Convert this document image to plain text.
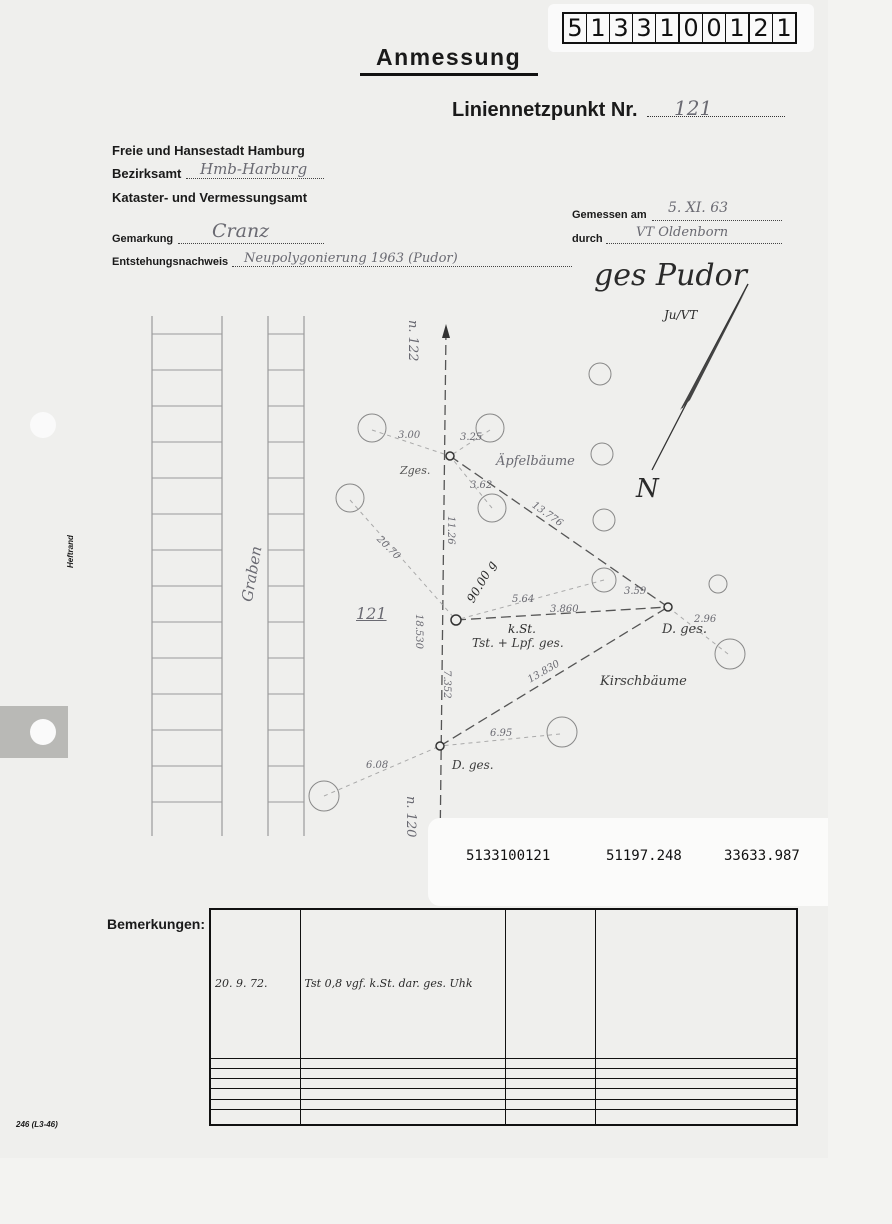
5 1 3 3 1 0 0 1 2 1
Anmessung
Liniennetzpunkt Nr. 121
Freie und Hansestadt Hamburg
Bezirksamt Hmb-Harburg
Kataster- und Vermessungsamt
Gemessen am 5. XI. 63
durch	VT Oldenborn
Gemarkung Cranz
Entstehungsnachweis Neupolygonierung 1963 (Pudor)	ges Pudor
Ju/VT
Heftrand
246 (L3-46)
n. 122
n. 120
121
Graben
Äpfelbäume
Kirschbäume
N
Zges.
D. ges.
D. ges.
Tst. + Lpf. ges.
k.St.
90.00 g
3.00	3.25
3.62
13.776
11.26
20.70
5.64
3.860
3.59
2.96
13.830
6.95
6.08
7.352
18.530
5133100121	51197.248	33633.987
Bemerkungen:
20. 9. 72.	Tst 0,8 vgf. k.St. dar. ges. Uhk		
